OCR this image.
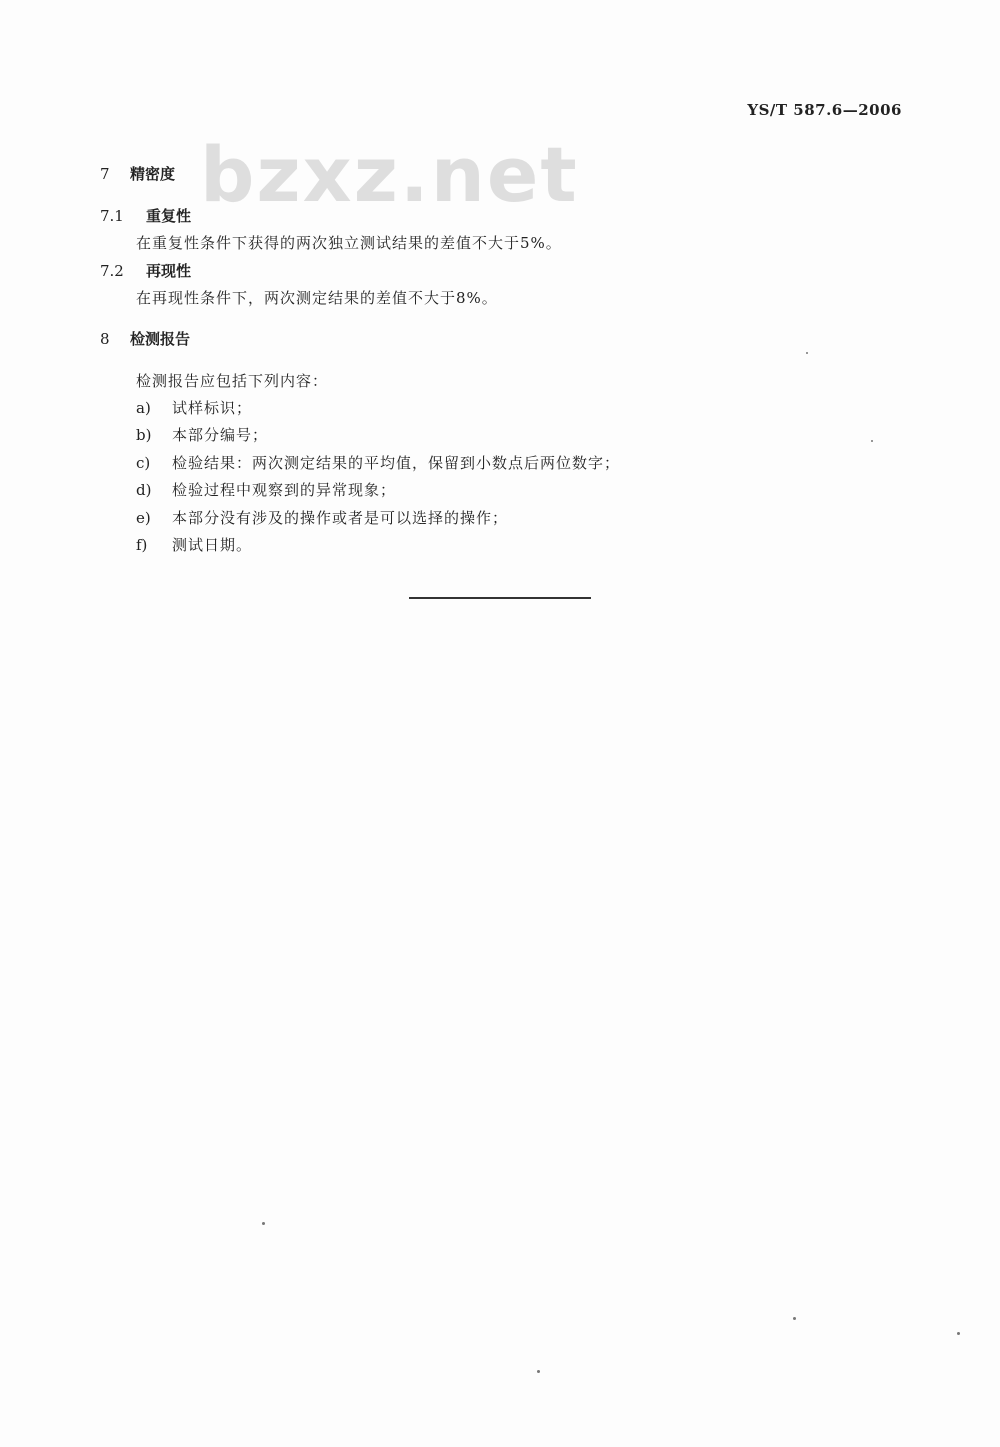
YS/T 587.6—2006
bzxz.net
7 精密度
7.1 重复性
在重复性条件下获得的两次独立测试结果的差值不大于5%。
7.2 再现性
在再现性条件下，两次测定结果的差值不大于8%。
8 检测报告
检测报告应包括下列内容：
a) 试样标识；
b) 本部分编号；
c) 检验结果：两次测定结果的平均值，保留到小数点后两位数字；
d) 检验过程中观察到的异常现象；
e) 本部分没有涉及的操作或者是可以选择的操作；
f) 测试日期。
